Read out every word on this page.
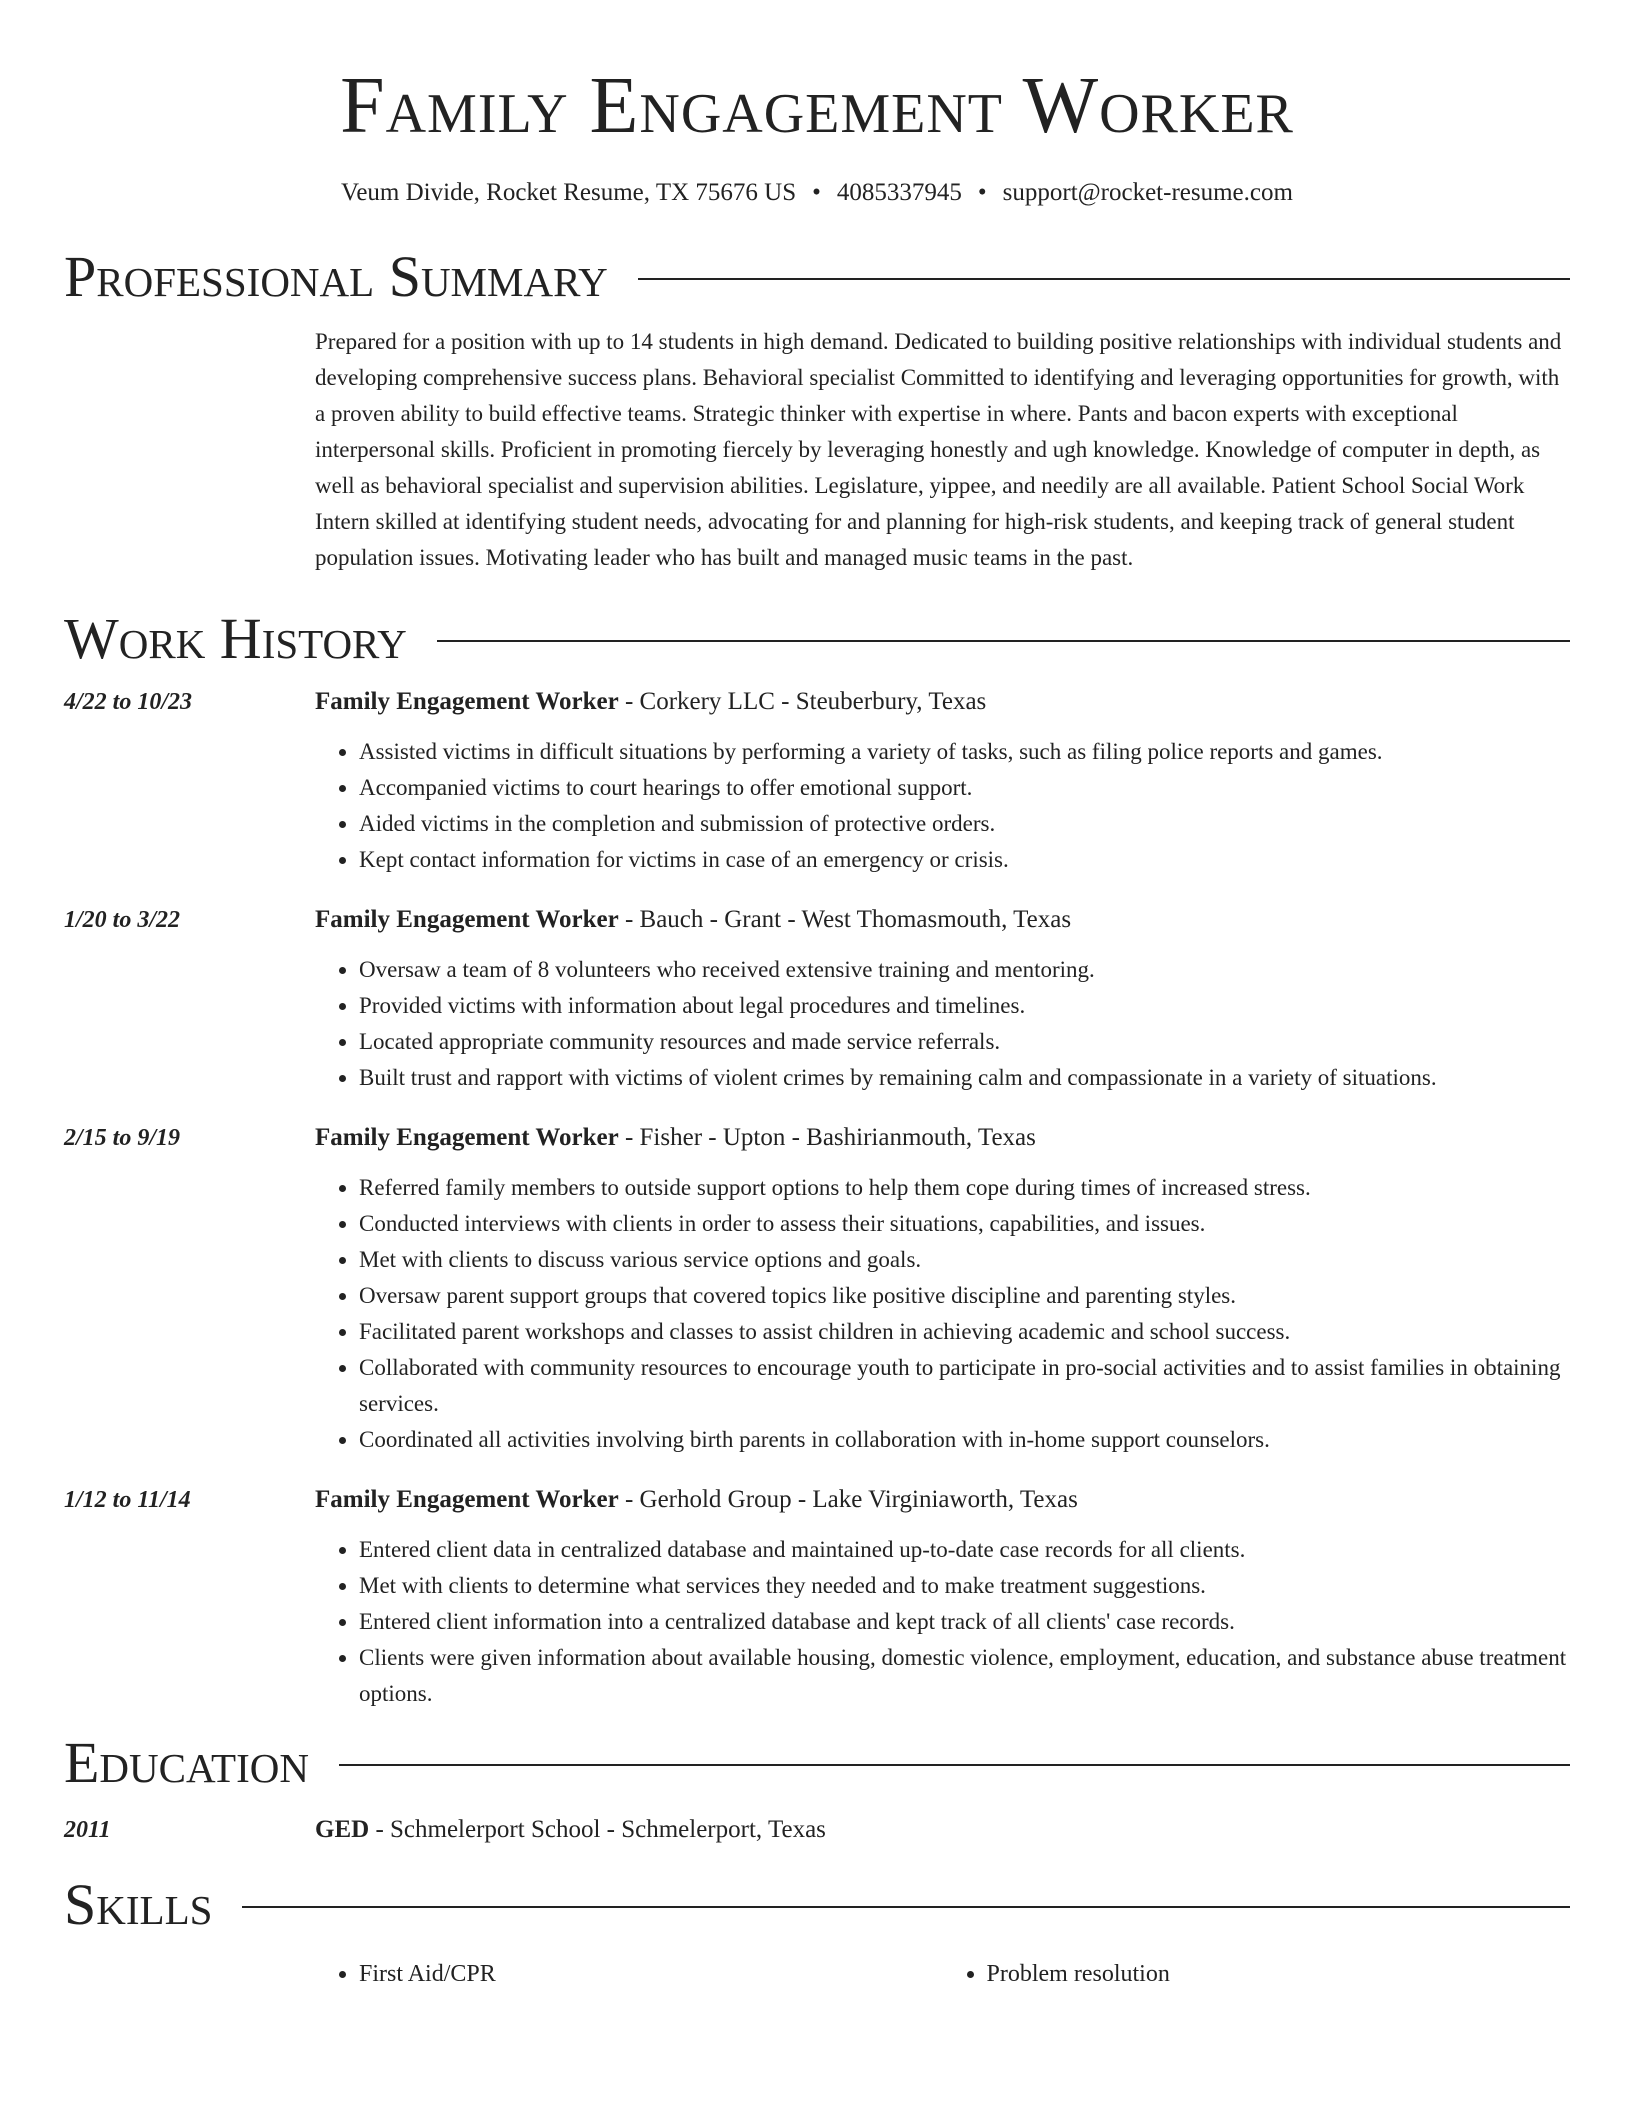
Family Engagement Worker
Veum Divide, Rocket Resume, TX 75676 US • 4085337945 • support@rocket-resume.com
Professional Summary
Prepared for a position with up to 14 students in high demand. Dedicated to building positive relationships with individual students and developing comprehensive success plans. Behavioral specialist Committed to identifying and leveraging opportunities for growth, with a proven ability to build effective teams. Strategic thinker with expertise in where. Pants and bacon experts with exceptional interpersonal skills. Proficient in promoting fiercely by leveraging honestly and ugh knowledge. Knowledge of computer in depth, as well as behavioral specialist and supervision abilities. Legislature, yippee, and needily are all available. Patient School Social Work Intern skilled at identifying student needs, advocating for and planning for high-risk students, and keeping track of general student population issues. Motivating leader who has built and managed music teams in the past.
Work History
4/22 to 10/23	Family Engagement Worker - Corkery LLC - Steuberbury, Texas
• Assisted victims in difficult situations by performing a variety of tasks, such as filing police reports and games.
• Accompanied victims to court hearings to offer emotional support.
• Aided victims in the completion and submission of protective orders.
• Kept contact information for victims in case of an emergency or crisis.
1/20 to 3/22	Family Engagement Worker - Bauch - Grant - West Thomasmouth, Texas
• Oversaw a team of 8 volunteers who received extensive training and mentoring.
• Provided victims with information about legal procedures and timelines.
• Located appropriate community resources and made service referrals.
• Built trust and rapport with victims of violent crimes by remaining calm and compassionate in a variety of situations.
2/15 to 9/19	Family Engagement Worker - Fisher - Upton - Bashirianmouth, Texas
• Referred family members to outside support options to help them cope during times of increased stress.
• Conducted interviews with clients in order to assess their situations, capabilities, and issues.
• Met with clients to discuss various service options and goals.
• Oversaw parent support groups that covered topics like positive discipline and parenting styles.
• Facilitated parent workshops and classes to assist children in achieving academic and school success.
• Collaborated with community resources to encourage youth to participate in pro-social activities and to assist families in obtaining services.
• Coordinated all activities involving birth parents in collaboration with in-home support counselors.
1/12 to 11/14	Family Engagement Worker - Gerhold Group - Lake Virginiaworth, Texas
• Entered client data in centralized database and maintained up-to-date case records for all clients.
• Met with clients to determine what services they needed and to make treatment suggestions.
• Entered client information into a centralized database and kept track of all clients' case records.
• Clients were given information about available housing, domestic violence, employment, education, and substance abuse treatment options.
Education
2011	GED - Schmelerport School - Schmelerport, Texas
Skills
• First Aid/CPR
•	Problem resolution
